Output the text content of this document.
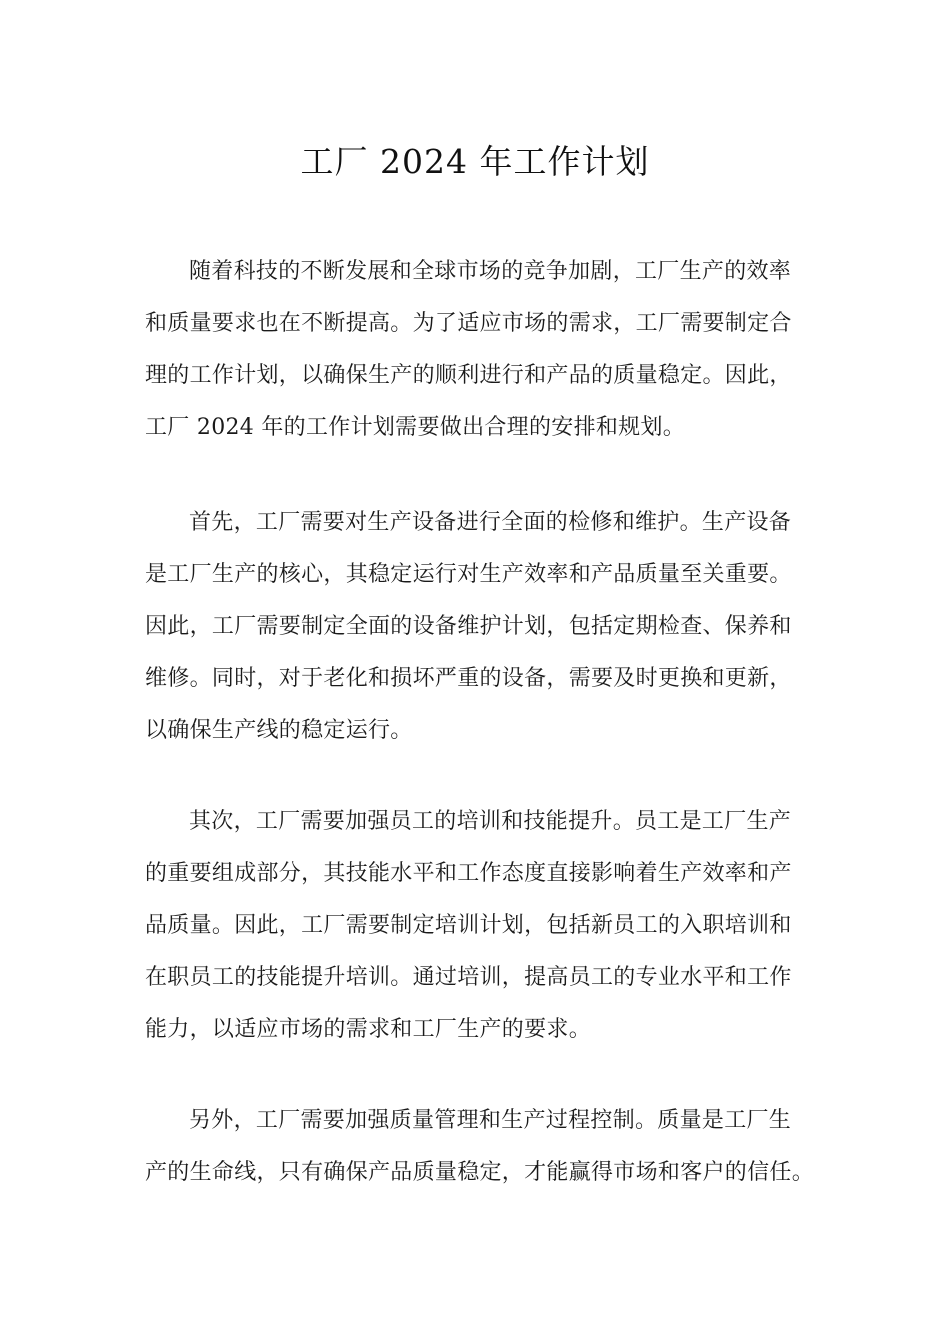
工厂 2024 年工作计划
随着科技的不断发展和全球市场的竞争加剧，工厂生产的效率
和质量要求也在不断提高。为了适应市场的需求，工厂需要制定合
理的工作计划，以确保生产的顺利进行和产品的质量稳定。因此，
工厂 2024 年的工作计划需要做出合理的安排和规划。
首先，工厂需要对生产设备进行全面的检修和维护。生产设备
是工厂生产的核心，其稳定运行对生产效率和产品质量至关重要。
因此，工厂需要制定全面的设备维护计划，包括定期检查、保养和
维修。同时，对于老化和损坏严重的设备，需要及时更换和更新，
以确保生产线的稳定运行。
其次，工厂需要加强员工的培训和技能提升。员工是工厂生产
的重要组成部分，其技能水平和工作态度直接影响着生产效率和产
品质量。因此，工厂需要制定培训计划，包括新员工的入职培训和
在职员工的技能提升培训。通过培训，提高员工的专业水平和工作
能力，以适应市场的需求和工厂生产的要求。
另外，工厂需要加强质量管理和生产过程控制。质量是工厂生
产的生命线，只有确保产品质量稳定，才能赢得市场和客户的信任。
